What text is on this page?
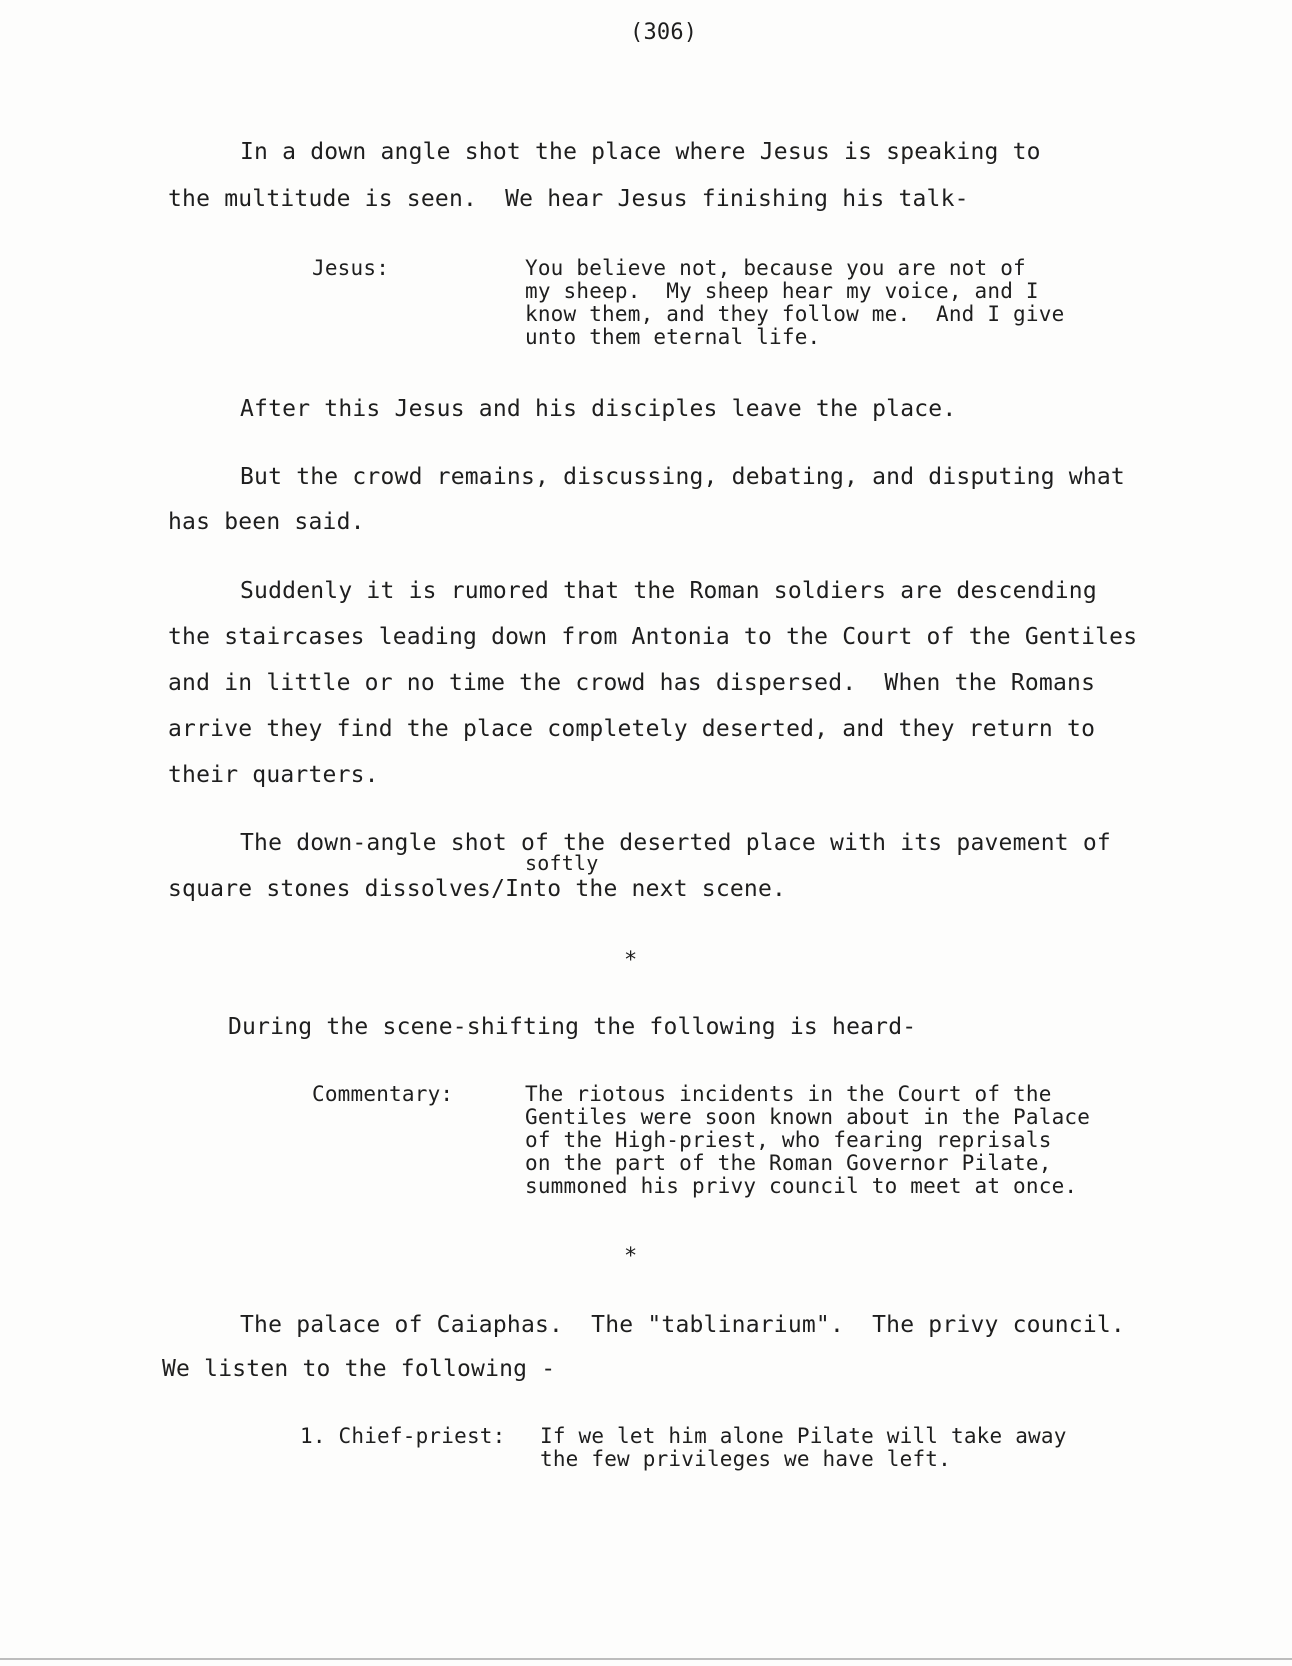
(306)
In a down angle shot the place where Jesus is speaking to
the multitude is seen.  We hear Jesus finishing his talk-
Jesus:	You believe not, because you are not of
my sheep.  My sheep hear my voice, and I
know them, and they follow me.  And I give
unto them eternal life.
After this Jesus and his disciples leave the place.
But the crowd remains, discussing, debating, and disputing what
has been said.
Suddenly it is rumored that the Roman soldiers are descending
the staircases leading down from Antonia to the Court of the Gentiles
and in little or no time the crowd has dispersed.  When the Romans
arrive they find the place completely deserted, and they return to
their quarters.
The down-angle shot of the deserted place with its pavement of
softly
square stones dissolves/Into the next scene.
*
During the scene-shifting the following is heard-
Commentary:	The riotous incidents in the Court of the
Gentiles were soon known about in the Palace
of the High-priest, who fearing reprisals
on the part of the Roman Governor Pilate,
summoned his privy council to meet at once.
*
The palace of Caiaphas.  The "tablinarium".  The privy council.
We listen to the following -
1. Chief-priest: If we let him alone Pilate will take away
the few privileges we have left.
